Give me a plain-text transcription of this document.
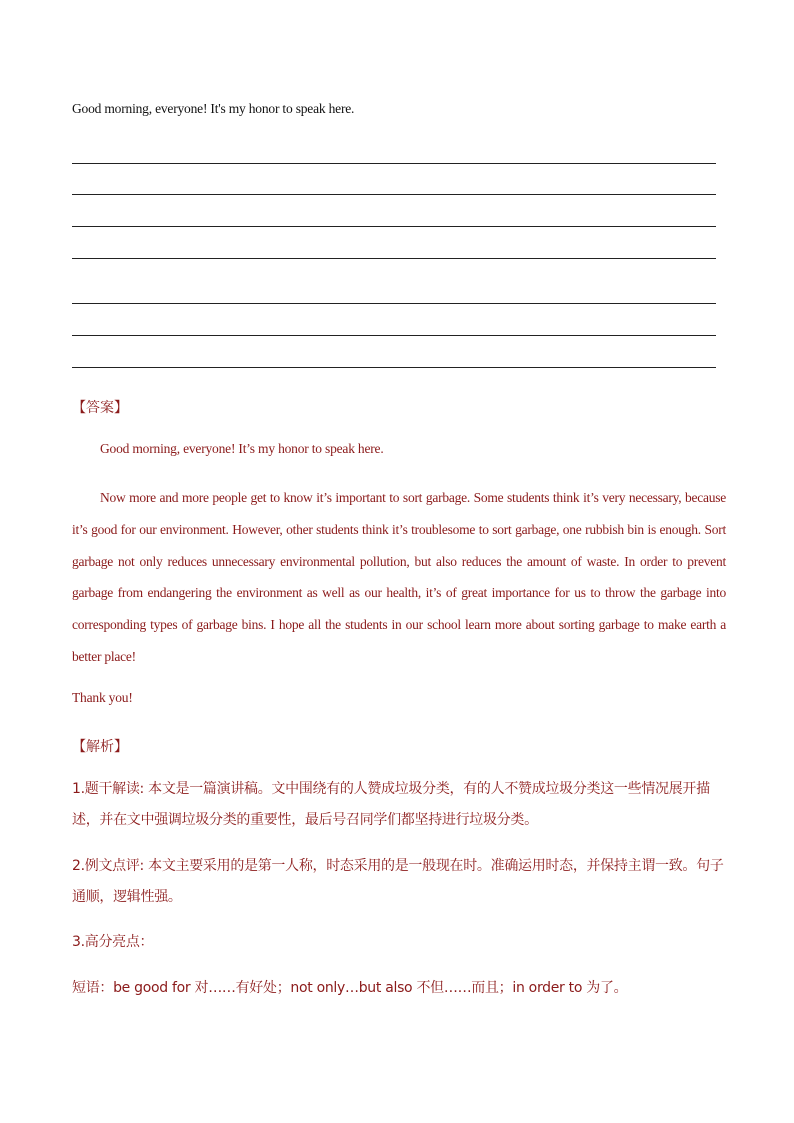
Good morning, everyone! It's my honor to speak here.
【答案】
Good morning, everyone! It’s my honor to speak here.

Now more and more people get to know it’s important to sort garbage. Some students think it’s very necessary, because it’s good for our environment. However, other students think it’s troublesome to sort garbage, one rubbish bin is enough. Sort garbage not only reduces unnecessary environmental pollution, but also reduces the amount of waste. In order to prevent garbage from endangering the environment as well as our health, it’s of great importance for us to throw the garbage into corresponding types of garbage bins. I hope all the students in our school learn more about sorting garbage to make earth a better place!

Thank you!
【解析】

1.题干解读: 本文是一篇演讲稿。文中围绕有的人赞成垃圾分类，有的人不赞成垃圾分类这一些情况展开描述，并在文中强调垃圾分类的重要性，最后号召同学们都坚持进行垃圾分类。

2.例文点评: 本文主要采用的是第一人称，时态采用的是一般现在时。准确运用时态，并保持主谓一致。句子通顺，逻辑性强。

3.高分亮点：

短语：be good for 对……有好处；not only…but also 不但……而且；in order to 为了。
